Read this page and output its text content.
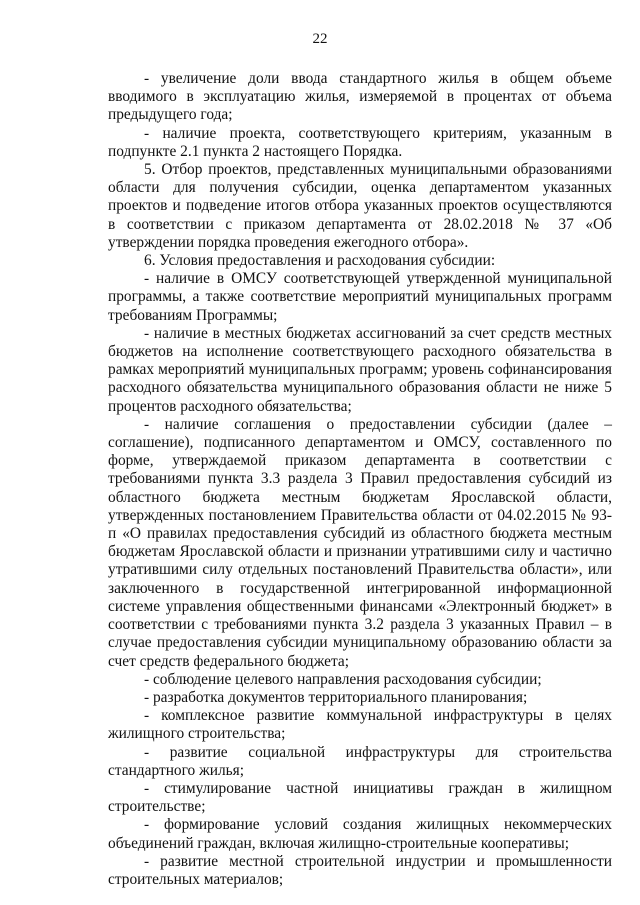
22

- увеличение доли ввода стандартного жилья в общем объеме вводимого в эксплуатацию жилья, измеряемой в процентах от объема предыдущего года;

- наличие проекта, соответствующего критериям, указанным в подпункте 2.1 пункта 2 настоящего Порядка.

5. Отбор проектов, представленных муниципальными образованиями области для получения субсидии, оценка департаментом указанных проектов и подведение итогов отбора указанных проектов осуществляются в соответствии с приказом департамента от 28.02.2018 № 37 «Об утверждении порядка проведения ежегодного отбора».

6. Условия предоставления и расходования субсидии:

- наличие в ОМСУ соответствующей утвержденной муниципальной программы, а также соответствие мероприятий муниципальных программ требованиям Программы;

- наличие в местных бюджетах ассигнований за счет средств местных бюджетов на исполнение соответствующего расходного обязательства в рамках мероприятий муниципальных программ; уровень софинансирования расходного обязательства муниципального образования области не ниже 5 процентов расходного обязательства;

- наличие соглашения о предоставлении субсидии (далее – соглашение), подписанного департаментом и ОМСУ, составленного по форме, утверждаемой приказом департамента в соответствии с требованиями пункта 3.3 раздела 3 Правил предоставления субсидий из областного бюджета местным бюджетам Ярославской области, утвержденных постановлением Правительства области от 04.02.2015 № 93-п «О правилах предоставления субсидий из областного бюджета местным бюджетам Ярославской области и признании утратившими силу и частично утратившими силу отдельных постановлений Правительства области», или заключенного в государственной интегрированной информационной системе управления общественными финансами «Электронный бюджет» в соответствии с требованиями пункта 3.2 раздела 3 указанных Правил – в случае предоставления субсидии муниципальному образованию области за счет средств федерального бюджета;

- соблюдение целевого направления расходования субсидии;

- разработка документов территориального планирования;

- комплексное развитие коммунальной инфраструктуры в целях жилищного строительства;

- развитие социальной инфраструктуры для строительства стандартного жилья;

- стимулирование частной инициативы граждан в жилищном строительстве;

- формирование условий создания жилищных некоммерческих объединений граждан, включая жилищно-строительные кооперативы;

- развитие местной строительной индустрии и промышленности строительных материалов;
